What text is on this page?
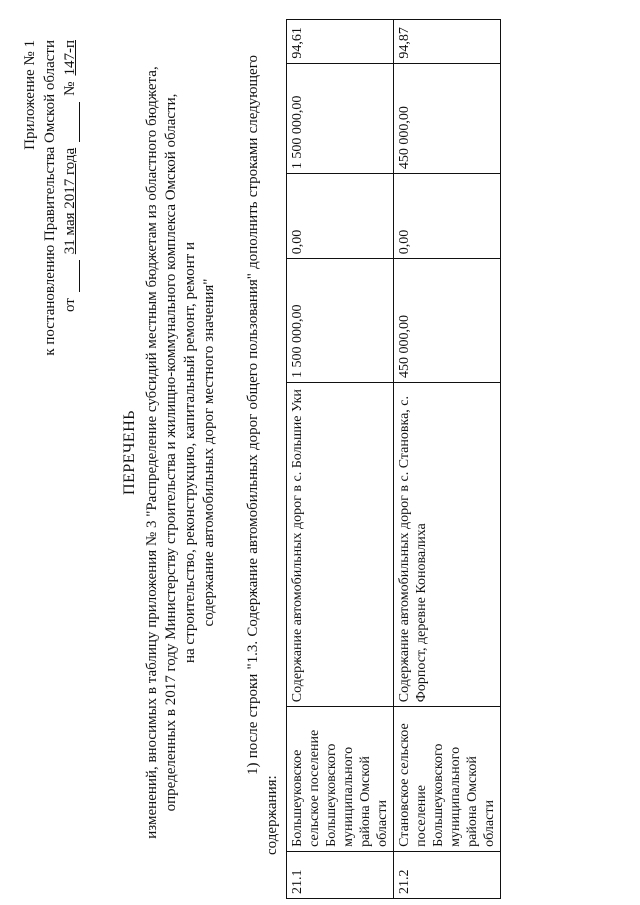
Приложение № 1 к постановлению Правительства Омской области от
31 мая 2017 года
№
147-п
ПЕРЕЧЕНЬ изменений, вносимых в таблицу приложения № 3 "Распределение субсидий местным бюджетам из областного бюджета, определенных в 2017 году Министерству строительства и жилищно-коммунального комплекса Омской области, на строительство, реконструкцию, капитальный ремонт, ремонт и содержание автомобильных дорог местного значения" 1) после строки "1.3. Содержание автомобильных дорог общего пользования" дополнить строками следующего содержания:
21.1	Большеуковское сельское поселение Большеуковского муниципального района Омской области	Содержание автомобильных дорог в с. Большие Уки	1 500 000,00	0,00	1 500 000,00	94,61
21.2	Становское сельское поселение Большеуковского муниципального района Омской области	Содержание автомобильных дорог в с. Становка, с. Форпост, деревне Коновалиха	450 000,00	0,00	450 000,00	94,87
